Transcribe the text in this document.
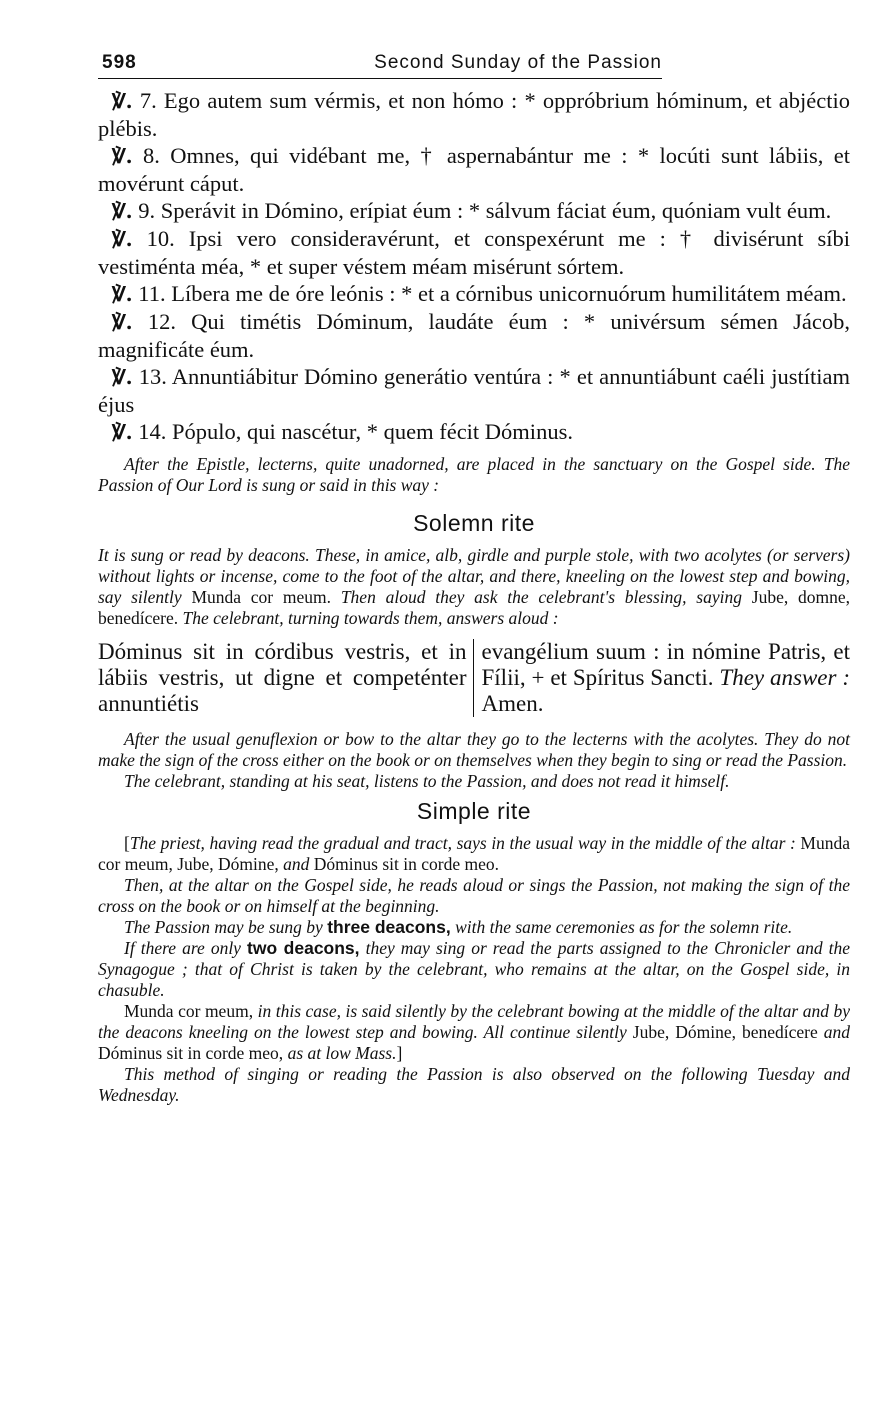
598	Second Sunday of the Passion

℣. 7. Ego autem sum vérmis, et non hómo : * oppróbrium hóminum, et abjéctio plébis.

℣. 8. Omnes, qui vidébant me, † aspernabántur me : * locúti sunt lábiis, et movérunt cáput.

℣. 9. Sperávit in Dómino, erípiat éum : * sálvum fáciat éum, quóniam vult éum.

℣. 10. Ipsi vero consideravérunt, et conspexérunt me : † divisérunt síbi vestiménta méa, * et super véstem méam misérunt sórtem.

℣. 11. Líbera me de óre leónis : * et a córnibus unicornuórum humilitátem méam.

℣. 12. Qui timétis Dóminum, laudáte éum : * univérsum sémen Jácob, magnificáte éum.

℣. 13. Annuntiábitur Dómino generátio ventúra : * et annuntiábunt caéli justítiam éjus

℣. 14. Pópulo, qui nascétur, * quem fécit Dóminus.

After the Epistle, lecterns, quite unadorned, are placed in the sanctuary on the Gospel side. The Passion of Our Lord is sung or said in this way :

Solemn rite

It is sung or read by deacons. These, in amice, alb, girdle and purple stole, with two acolytes (or servers) without lights or incense, come to the foot of the altar, and there, kneeling on the lowest step and bowing, say silently Munda cor meum. Then aloud they ask the celebrant's blessing, saying Jube, domne, benedícere. The celebrant, turning towards them, answers aloud :

Dóminus sit in córdibus vestris, et in lábiis vestris, ut digne et competénter annuntiétis
evangélium suum : in nómine Patris, et Fílii, + et Spíritus Sancti. They answer : Amen.

After the usual genuflexion or bow to the altar they go to the lecterns with the acolytes. They do not make the sign of the cross either on the book or on themselves when they begin to sing or read the Passion.

The celebrant, standing at his seat, listens to the Passion, and does not read it himself.

Simple rite

[The priest, having read the gradual and tract, says in the usual way in the middle of the altar : Munda cor meum, Jube, Dómine, and Dóminus sit in corde meo.

Then, at the altar on the Gospel side, he reads aloud or sings the Passion, not making the sign of the cross on the book or on himself at the beginning.

The Passion may be sung by three deacons, with the same ceremonies as for the solemn rite.

If there are only two deacons, they may sing or read the parts assigned to the Chronicler and the Synagogue ; that of Christ is taken by the celebrant, who remains at the altar, on the Gospel side, in chasuble.

Munda cor meum, in this case, is said silently by the celebrant bowing at the middle of the altar and by the deacons kneeling on the lowest step and bowing. All continue silently Jube, Dómine, benedícere and Dóminus sit in corde meo, as at low Mass.]

This method of singing or reading the Passion is also observed on the following Tuesday and Wednesday.
